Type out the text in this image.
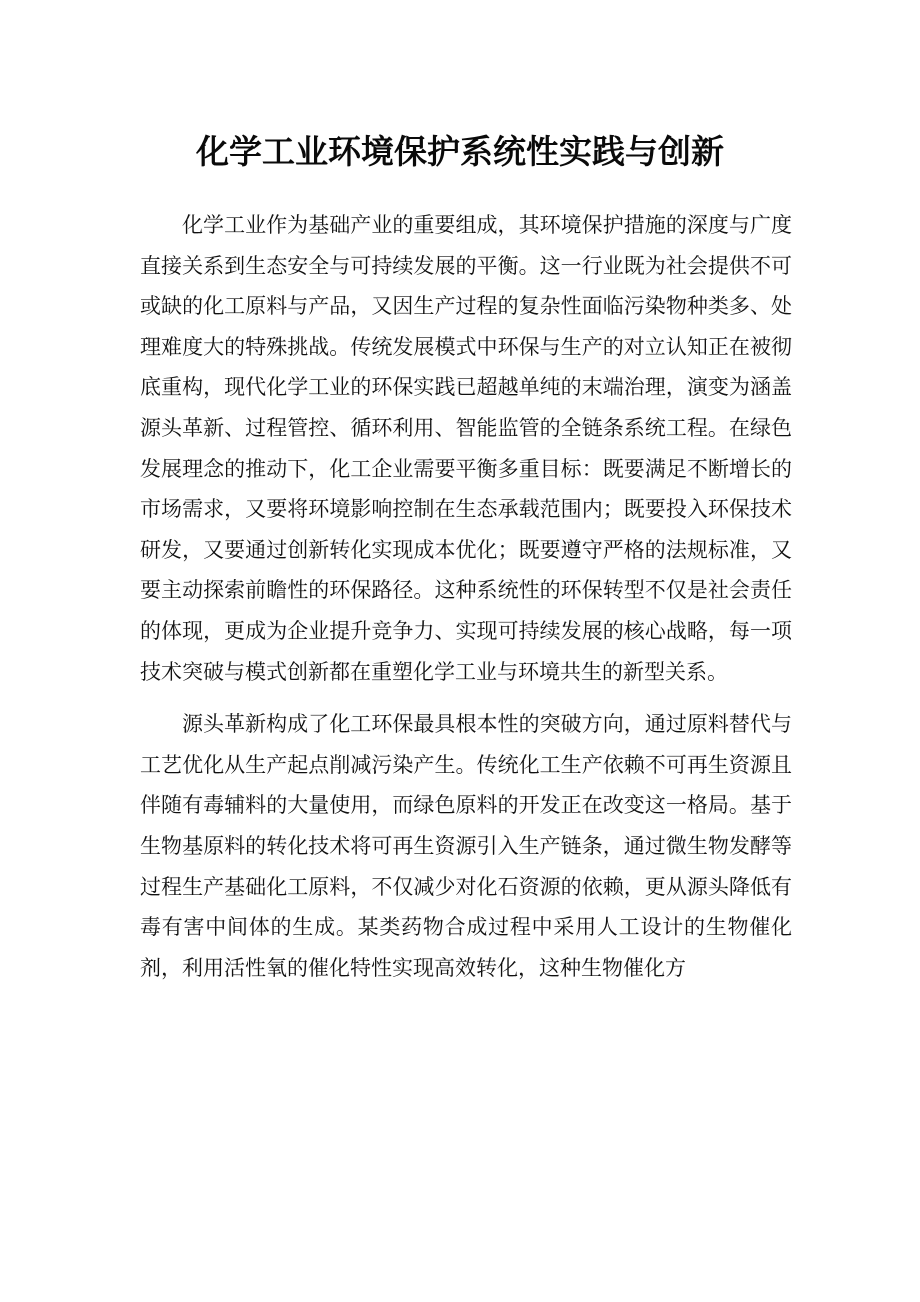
化学工业环境保护系统性实践与创新

化学工业作为基础产业的重要组成，其环境保护措施的深度与广度直接关系到生态安全与可持续发展的平衡。这一行业既为社会提供不可或缺的化工原料与产品，又因生产过程的复杂性面临污染物种类多、处理难度大的特殊挑战。传统发展模式中环保与生产的对立认知正在被彻底重构，现代化学工业的环保实践已超越单纯的末端治理，演变为涵盖源头革新、过程管控、循环利用、智能监管的全链条系统工程。在绿色发展理念的推动下，化工企业需要平衡多重目标：既要满足不断增长的市场需求，又要将环境影响控制在生态承载范围内；既要投入环保技术研发，又要通过创新转化实现成本优化；既要遵守严格的法规标准，又要主动探索前瞻性的环保路径。这种系统性的环保转型不仅是社会责任的体现，更成为企业提升竞争力、实现可持续发展的核心战略，每一项技术突破与模式创新都在重塑化学工业与环境共生的新型关系。

源头革新构成了化工环保最具根本性的突破方向，通过原料替代与工艺优化从生产起点削减污染产生。传统化工生产依赖不可再生资源且伴随有毒辅料的大量使用，而绿色原料的开发正在改变这一格局。基于生物基原料的转化技术将可再生资源引入生产链条，通过微生物发酵等过程生产基础化工原料，不仅减少对化石资源的依赖，更从源头降低有毒有害中间体的生成。某类药物合成过程中采用人工设计的生物催化剂，利用活性氧的催化特性实现高效转化，这种生物催化方
